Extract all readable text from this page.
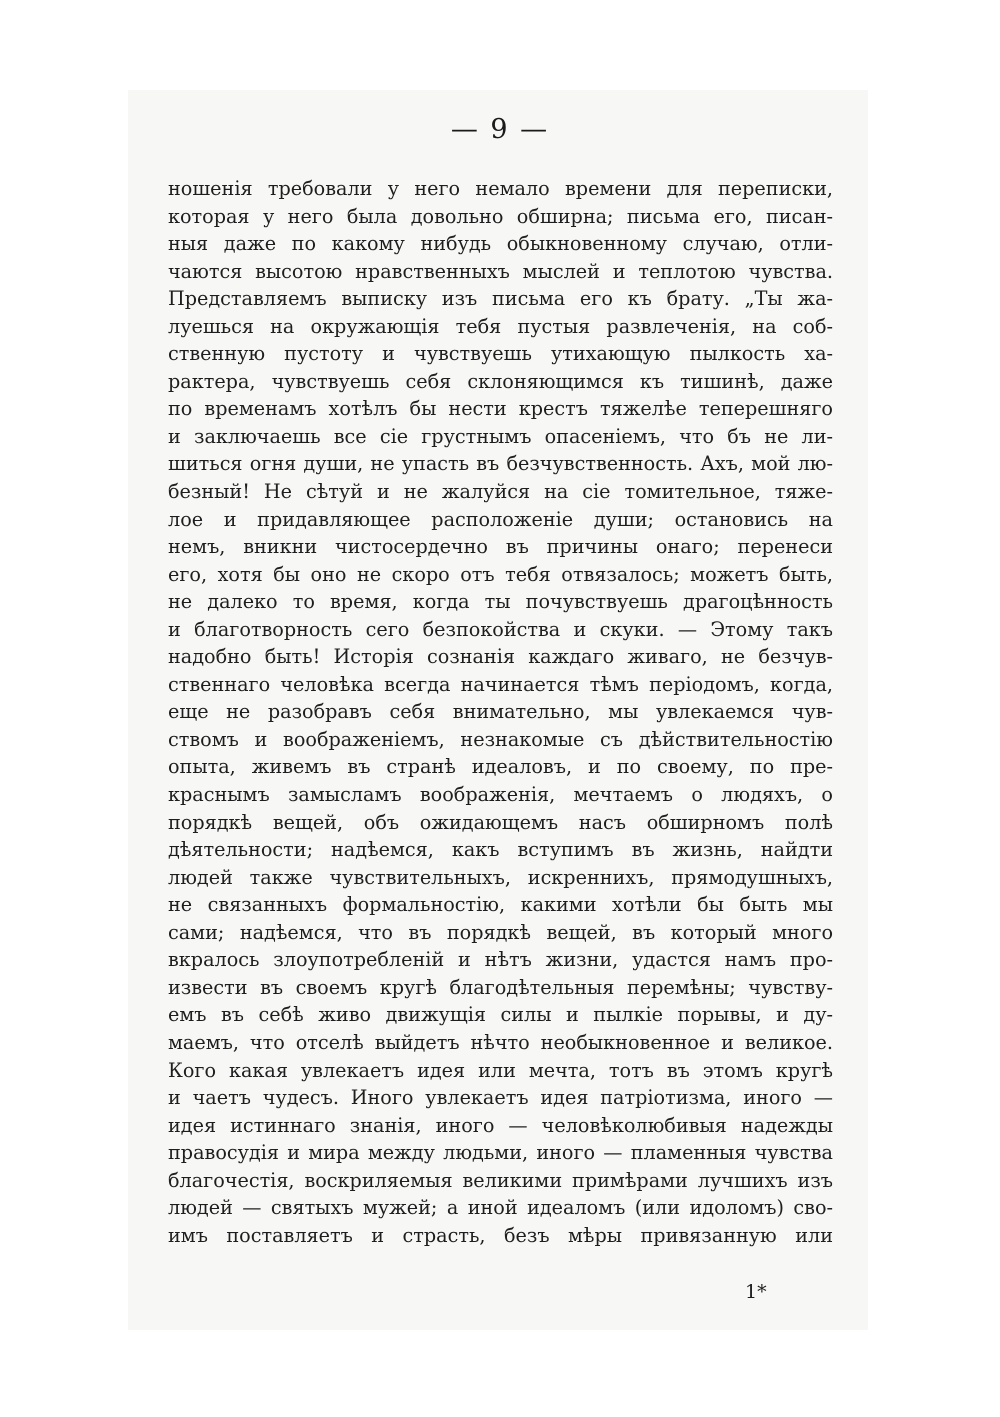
— 9 —
ношенія требовали у него немало времени для переписки,
которая у него была довольно обширна; письма его, писан-
ныя даже по какому нибудь обыкновенному случаю, отли-
чаются высотою нравственныхъ мыслей и теплотою чувства.
Представляемъ выписку изъ письма его къ брату. „Ты жа-
луешься на окружающія тебя пустыя развлеченія, на соб-
ственную пустоту и чувствуешь утихающую пылкость ха-
рактера, чувствуешь себя склоняющимся къ тишинѣ, даже
по временамъ хотѣлъ бы нести крестъ тяжелѣе теперешняго
и заключаешь все сіе грустнымъ опасеніемъ, что бъ не ли-
шиться огня души, не упасть въ безчувственность. Ахъ, мой лю-
безный! Не сѣтуй и не жалуйся на сіе томительное, тяже-
лое и придавляющее расположеніе души; остановись на
немъ, вникни чистосердечно въ причины онаго; перенеси
его, хотя бы оно не скоро отъ тебя отвязалось; можетъ быть,
не далеко то время, когда ты почувствуешь драгоцѣнность
и благотворность сего безпокойства и скуки. — Этому такъ
надобно быть! Исторія сознанія каждаго живаго, не безчув-
ственнаго человѣка всегда начинается тѣмъ періодомъ, когда,
еще не разобравъ себя внимательно, мы увлекаемся чув-
ствомъ и воображеніемъ, незнакомые съ дѣйствительностію
опыта, живемъ въ странѣ идеаловъ, и по своему, по пре-
краснымъ замысламъ воображенія, мечтаемъ о людяхъ, о
порядкѣ вещей, объ ожидающемъ насъ обширномъ полѣ
дѣятельности; надѣемся, какъ вступимъ въ жизнь, найдти
людей также чувствительныхъ, искреннихъ, прямодушныхъ,
не связанныхъ формальностію, какими хотѣли бы быть мы
сами; надѣемся, что въ порядкѣ вещей, въ который много
вкралось злоупотребленій и нѣтъ жизни, удастся намъ про-
извести въ своемъ кругѣ благодѣтельныя перемѣны; чувству-
емъ въ себѣ живо движущія силы и пылкіе порывы, и ду-
маемъ, что отселѣ выйдетъ нѣчто необыкновенное и великое.
Кого какая увлекаетъ идея или мечта, тотъ въ этомъ кругѣ
и чаетъ чудесъ. Иного увлекаетъ идея патріотизма, иного —
идея истиннаго знанія, иного — человѣколюбивыя надежды
правосудія и мира между людьми, иного — пламенныя чувства
благочестія, воскриляемыя великими примѣрами лучшихъ изъ
людей — святыхъ мужей; а иной идеаломъ (или идоломъ) сво-
имъ поставляетъ и страсть, безъ мѣры привязанную или
1*
